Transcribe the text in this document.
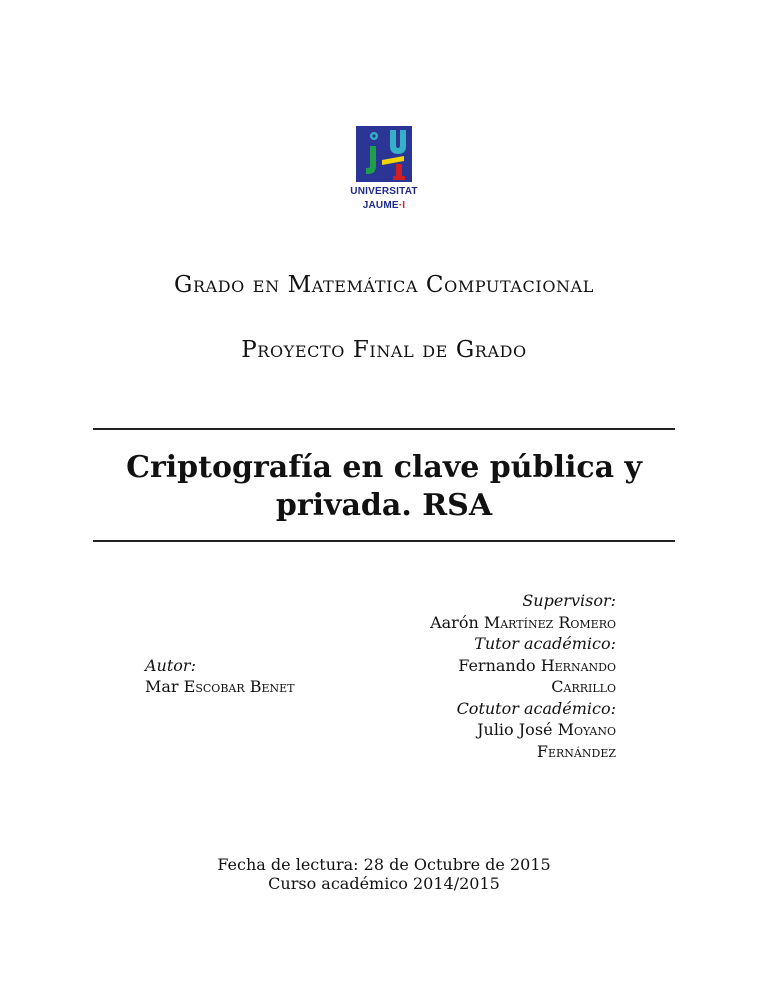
UNIVERSITAT
JAUME·I
Grado en Matemática Computacional
Proyecto Final de Grado
Criptografía en clave pública y
privada. RSA
Autor:
Mar Escobar Benet
Supervisor:
Aarón Martínez Romero
Tutor académico:
Fernando Hernando
Carrillo
Cotutor académico:
Julio José Moyano
Fernández
Fecha de lectura: 28 de Octubre de 2015
Curso académico 2014/2015
